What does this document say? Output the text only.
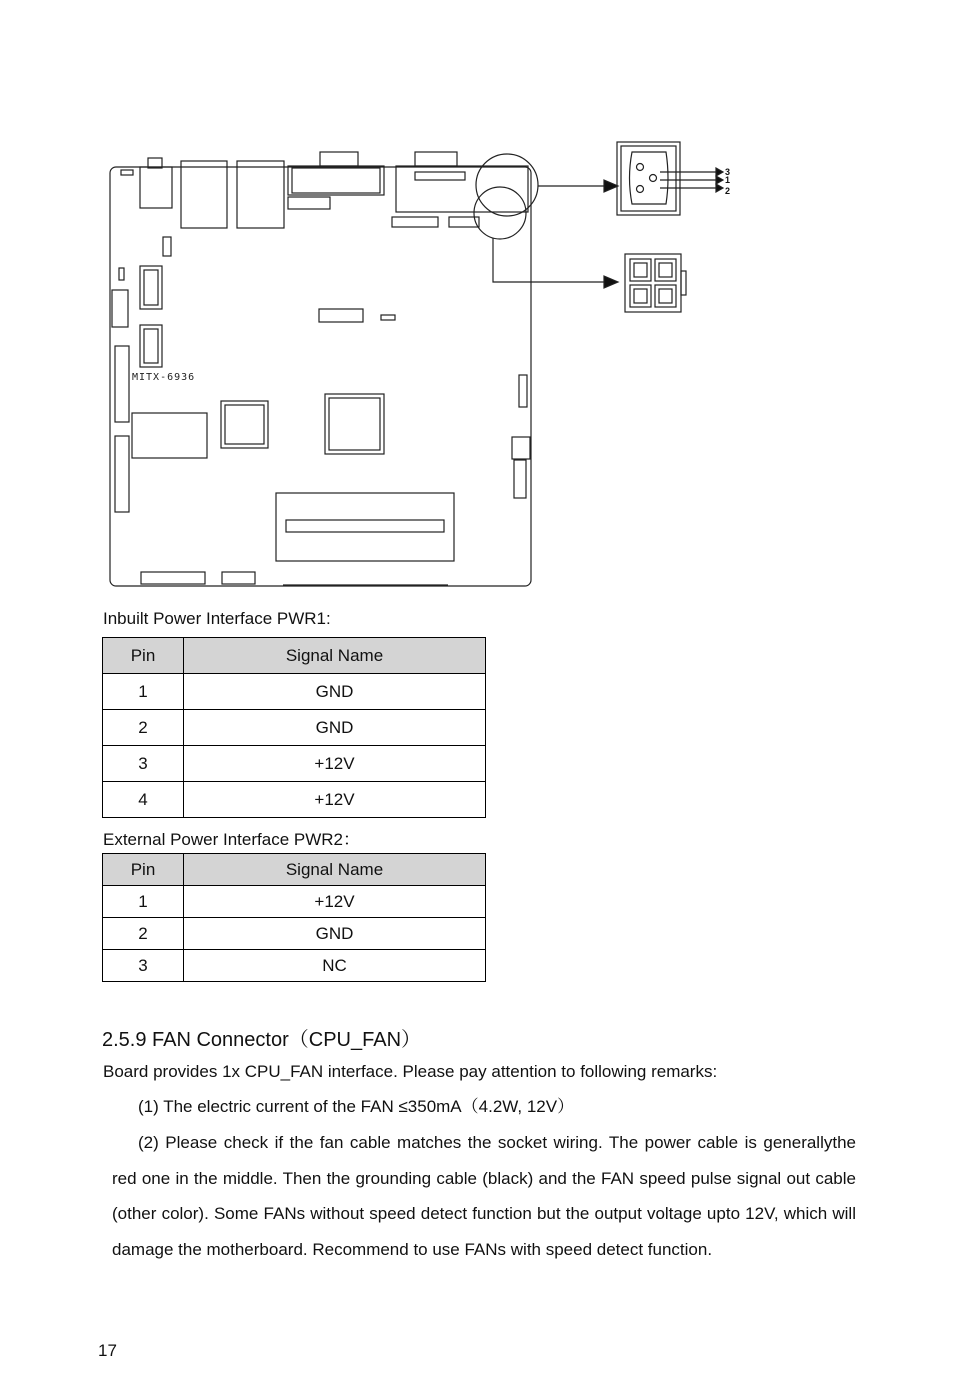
MITX-6936
3
1
2
Inbuilt Power Interface PWR1:
Pin	Signal Name
1	GND
2	GND
3	+12V
4	+12V
External Power Interface PWR2：
Pin	Signal Name
1	+12V
2	GND
3	NC
2.5.9 FAN Connector（CPU_FAN）
Board provides 1x CPU_FAN interface. Please pay attention to following remarks:
(1) The electric current of the FAN ≤350mA（4.2W, 12V）
(2) Please check if the fan cable matches the socket wiring. The power cable is generallythe red one in the middle. Then the grounding cable (black) and the FAN speed pulse signal out cable (other color). Some FANs without speed detect function but the output voltage upto 12V, which will damage the motherboard. Recommend to use FANs with speed detect function.
17
